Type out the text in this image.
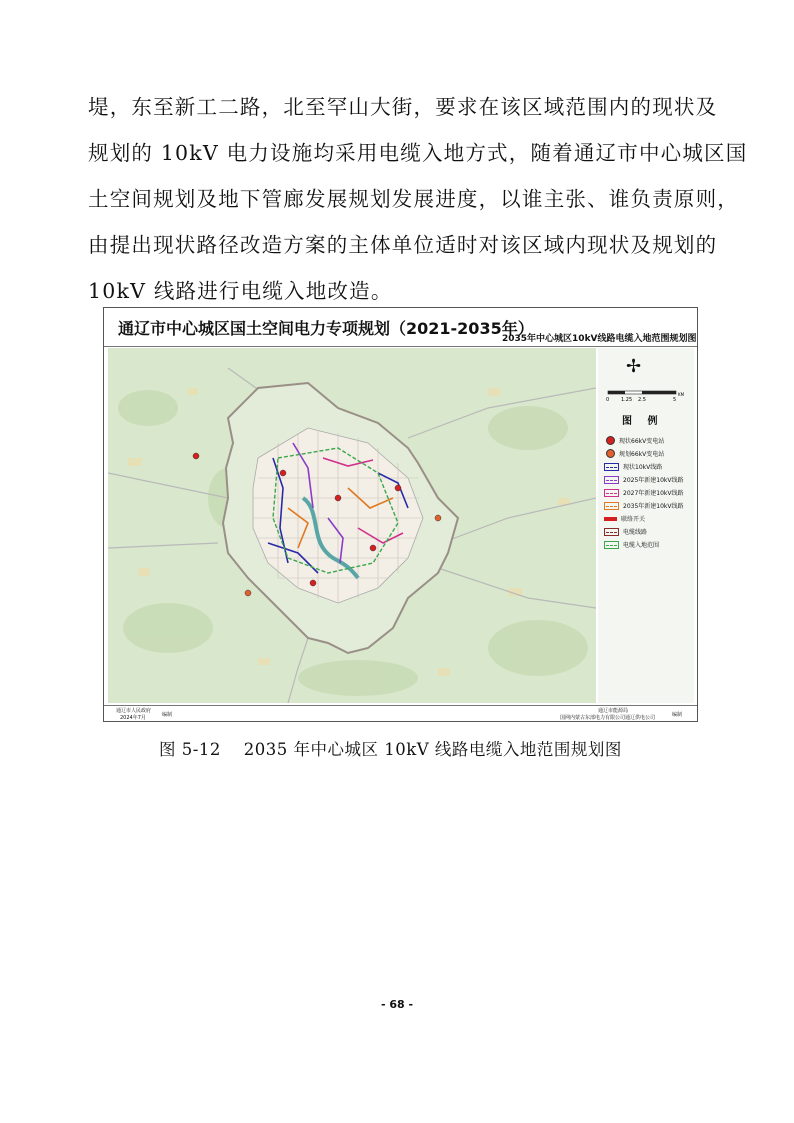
堤，东至新工二路，北至罕山大街，要求在该区域范围内的现状及
规划的 10kV 电力设施均采用电缆入地方式，随着通辽市中心城区国
土空间规划及地下管廊发展规划发展进度，以谁主张、谁负责原则，
由提出现状路径改造方案的主体单位适时对该区域内现状及规划的
10kV 线路进行电缆入地改造。
通辽市中心城区国土空间电力专项规划（2021-2035年）
2035年中心城区10kV线路电缆入地范围规划图
✢
0 1.25 2.5	5
KM
图 例
现状66kV变电站
规划66kV变电站
现状10kV线路
2025年新建10kV线路
2027年新建10kV线路
2035年新建10kV线路
联络开关
电缆线路
电缆入地范围
通辽市人民政府
2024年7月	编制
通辽市能源局
国网内蒙古东部电力有限公司通辽供电公司	编制
图 5-12    2035 年中心城区 10kV 线路电缆入地范围规划图
- 68 -
